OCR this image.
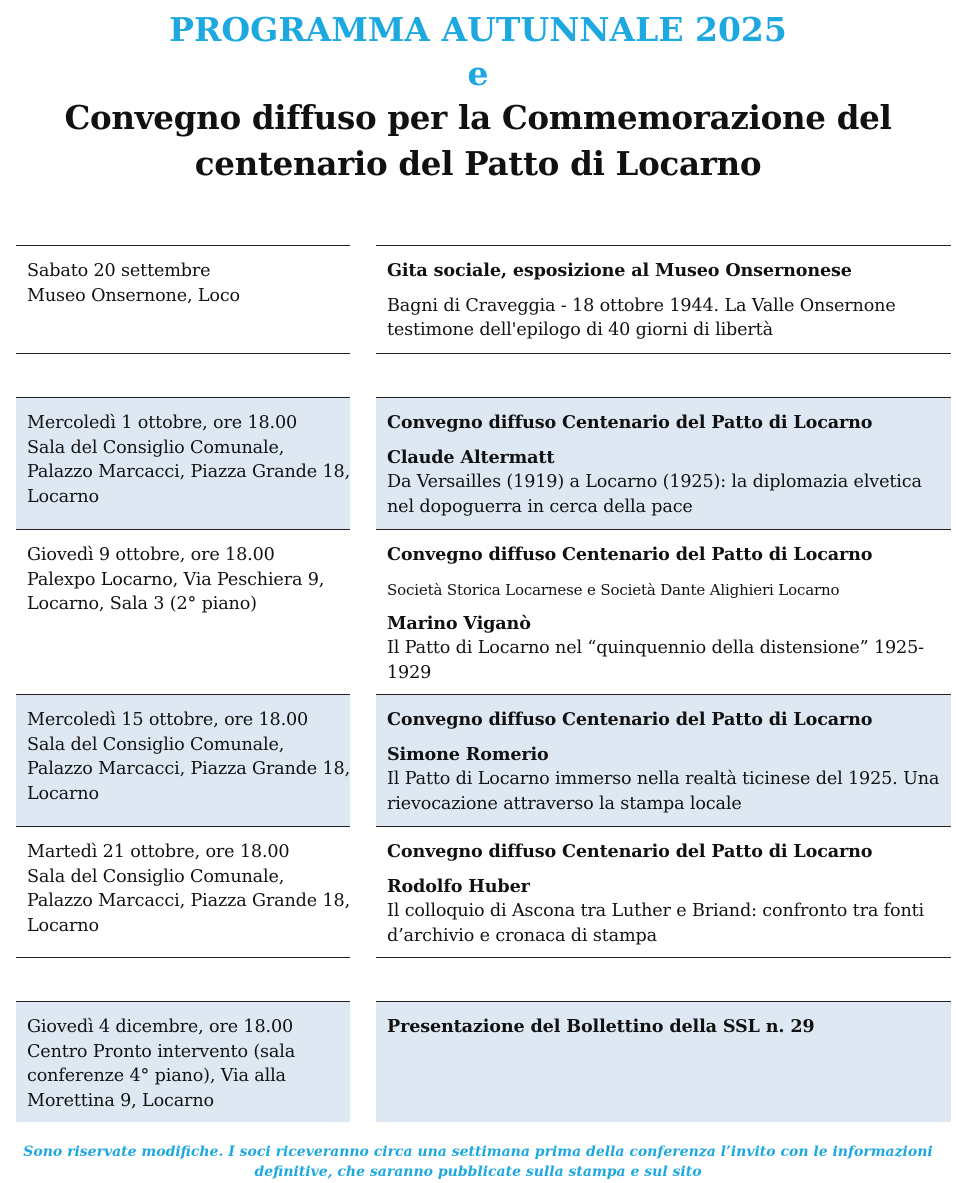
PROGRAMMA AUTUNNALE 2025
e
Convegno diffuso per la Commemorazione del
centenario del Patto di Locarno
Sabato 20 settembre
Museo Onsernone, Loco
Gita sociale, esposizione al Museo Onsernonese
Bagni di Craveggia - 18 ottobre 1944. La Valle Onsernone
testimone dell'epilogo di 40 giorni di libertà
Mercoledì 1 ottobre, ore 18.00
Sala del Consiglio Comunale,
Palazzo Marcacci, Piazza Grande 18,
Locarno
Convegno diffuso Centenario del Patto di Locarno
Claude Altermatt
Da Versailles (1919) a Locarno (1925): la diplomazia elvetica
nel dopoguerra in cerca della pace
Giovedì 9 ottobre, ore 18.00
Palexpo Locarno, Via Peschiera 9,
Locarno, Sala 3 (2° piano)
Convegno diffuso Centenario del Patto di Locarno
Società Storica Locarnese e Società Dante Alighieri Locarno
Marino Viganò
Il Patto di Locarno nel “quinquennio della distensione” 1925-
1929
Mercoledì 15 ottobre, ore 18.00
Sala del Consiglio Comunale,
Palazzo Marcacci, Piazza Grande 18,
Locarno
Convegno diffuso Centenario del Patto di Locarno
Simone Romerio
Il Patto di Locarno immerso nella realtà ticinese del 1925. Una
rievocazione attraverso la stampa locale
Martedì 21 ottobre, ore 18.00
Sala del Consiglio Comunale,
Palazzo Marcacci, Piazza Grande 18,
Locarno
Convegno diffuso Centenario del Patto di Locarno
Rodolfo Huber
Il colloquio di Ascona tra Luther e Briand: confronto tra fonti
d’archivio e cronaca di stampa
Giovedì 4 dicembre, ore 18.00
Centro Pronto intervento (sala
conferenze 4° piano), Via alla
Morettina 9, Locarno
Presentazione del Bollettino della SSL n. 29
Sono riservate modifiche. I soci riceveranno circa una settimana prima della conferenza l’invito con le informazioni
definitive, che saranno pubblicate sulla stampa e sul sito
